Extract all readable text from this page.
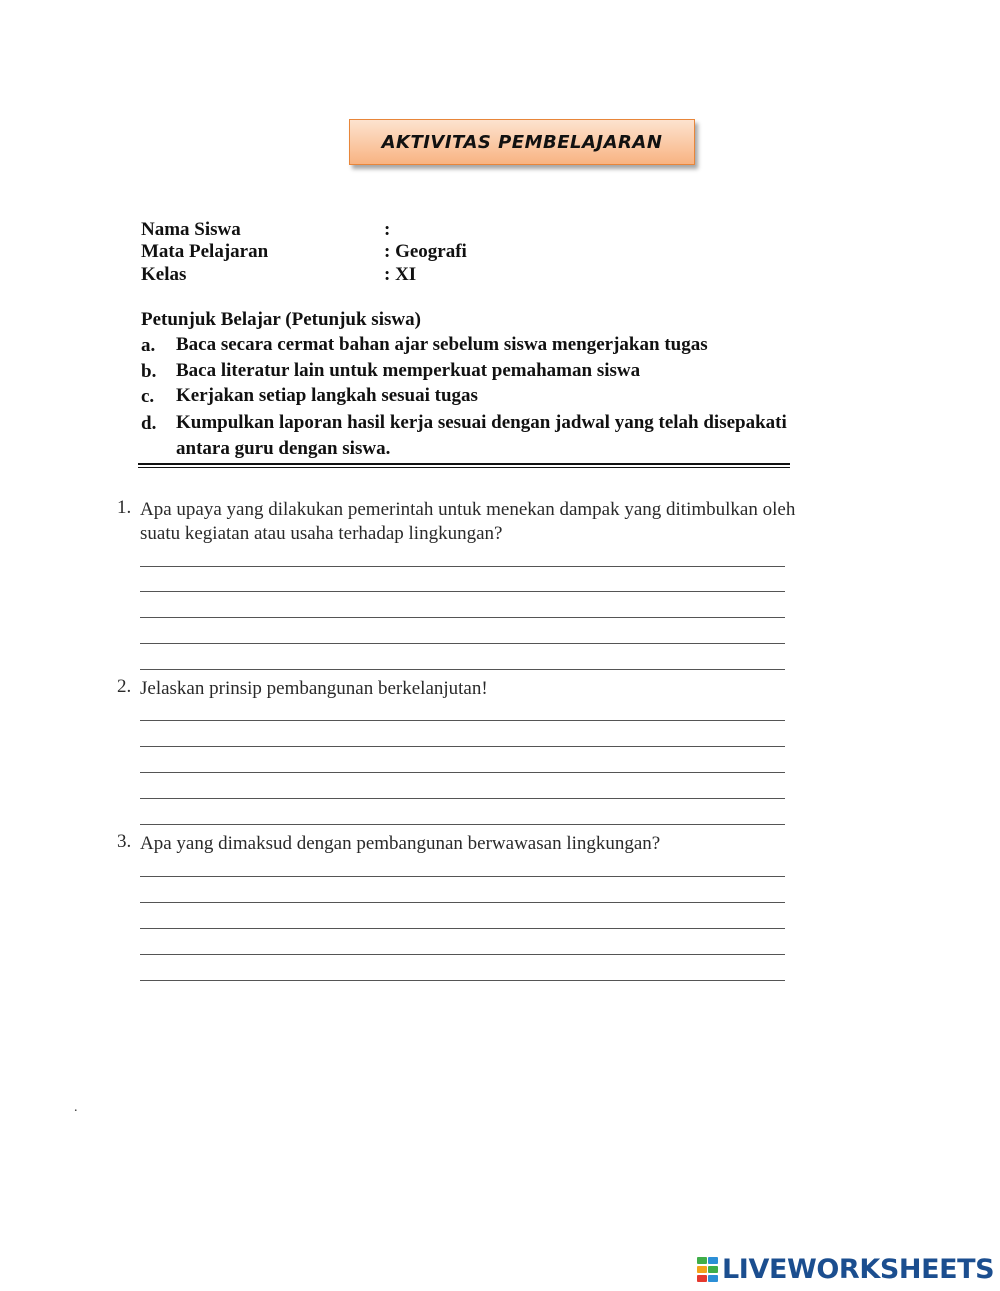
AKTIVITAS PEMBELAJARAN
Nama Siswa	:
Mata Pelajaran	: Geografi
Kelas	: XI
Petunjuk Belajar (Petunjuk siswa)
a. Baca secara cermat bahan ajar sebelum siswa mengerjakan tugas
b. Baca literatur lain untuk memperkuat pemahaman siswa
c. Kerjakan setiap langkah sesuai tugas
d. Kumpulkan laporan hasil kerja sesuai dengan jadwal yang telah disepakati
antara guru dengan siswa.
1. Apa upaya yang dilakukan pemerintah untuk menekan dampak yang ditimbulkan oleh
suatu kegiatan atau usaha terhadap lingkungan?
2. Jelaskan prinsip pembangunan berkelanjutan!
3. Apa yang dimaksud dengan pembangunan berwawasan lingkungan?
.
LIVEWORKSHEETS
